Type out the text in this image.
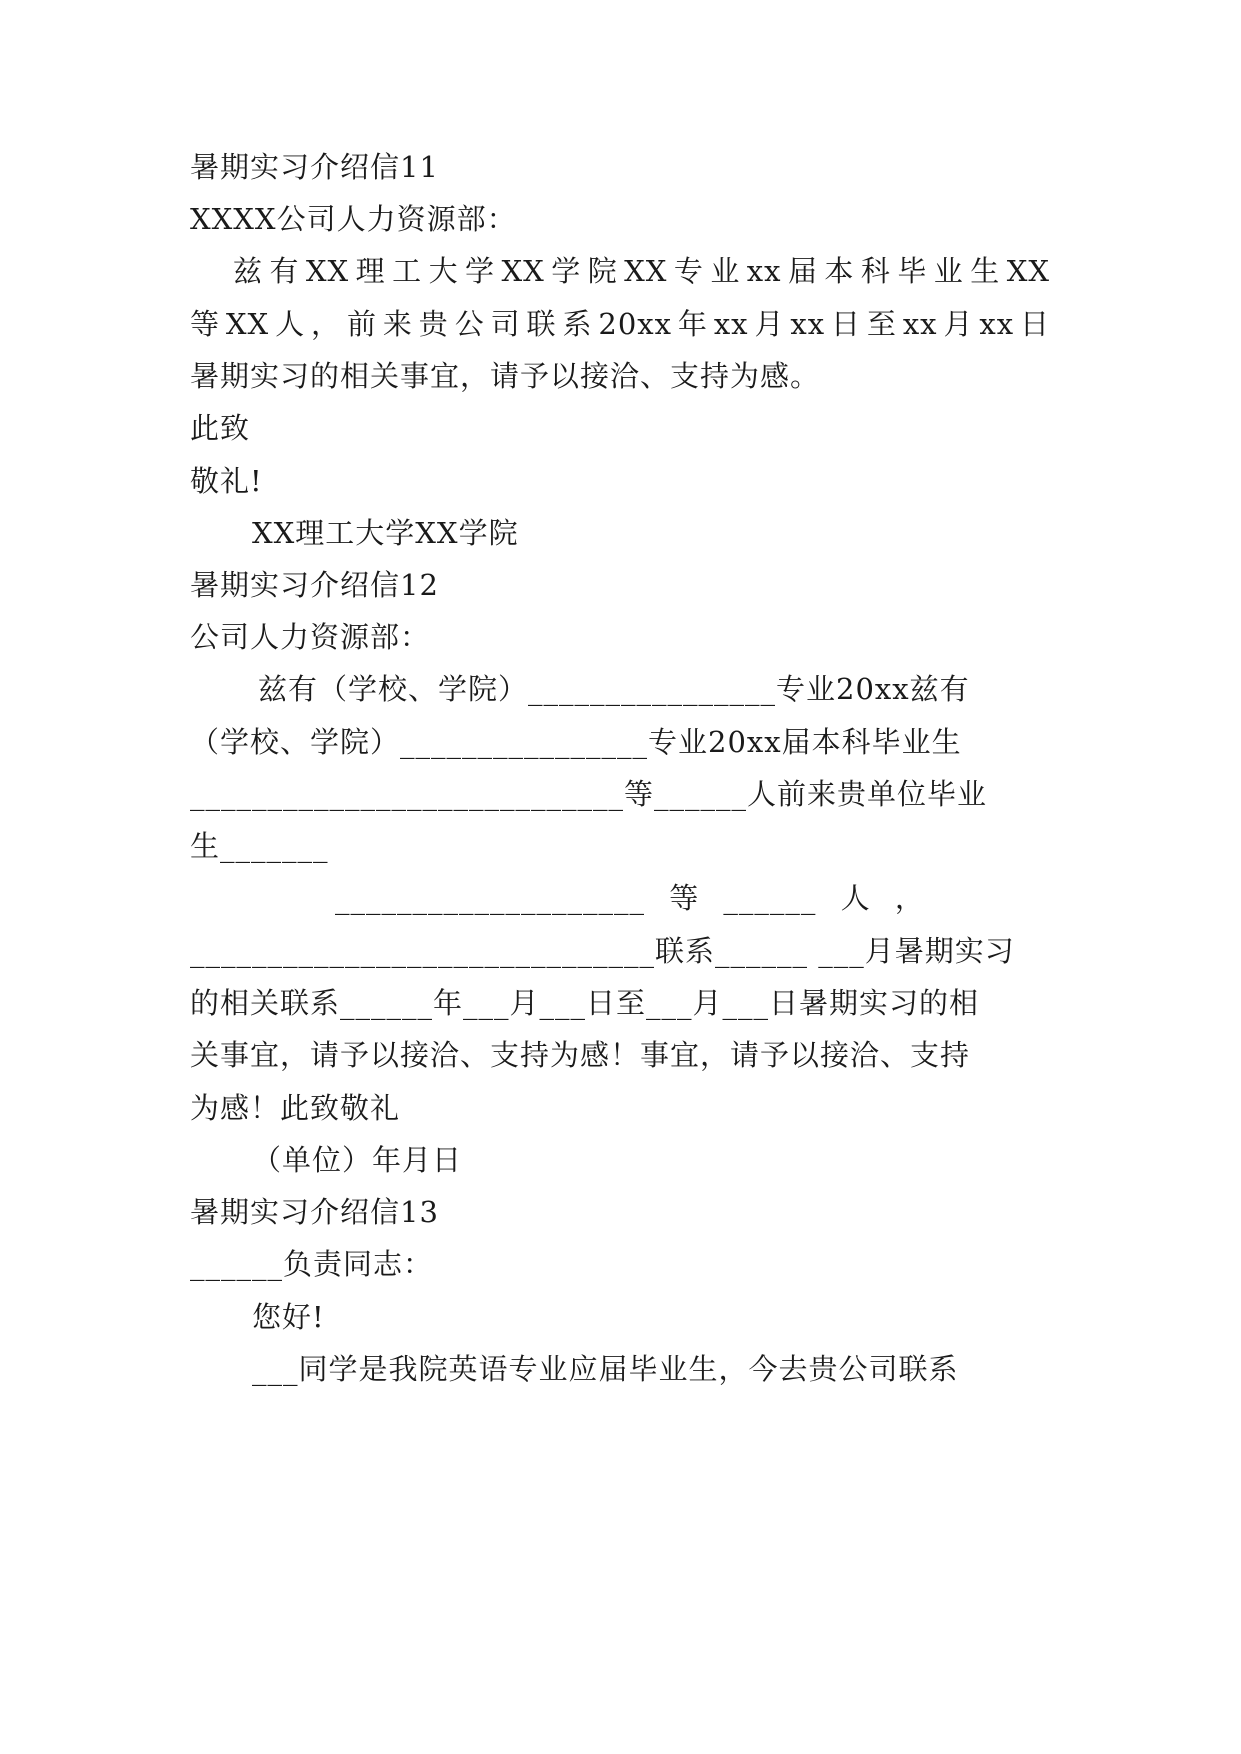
暑期实习介绍信11
XXXX公司人力资源部：
兹有XX理工大学XX学院XX专业xx届本科毕业生XX
等XX人，前来贵公司联系20xx年xx月xx日至xx月xx日
暑期实习的相关事宜，请予以接洽、支持为感。
此致
敬礼!
XX理工大学XX学院
暑期实习介绍信12
公司人力资源部：
兹有（学校、学院）________________专业20xx兹有
（学校、学院）________________专业20xx届本科毕业生
____________________________等______人前来贵单位毕业
生_______
____________________ 等 ______ 人 ，
______________________________联系______ ___月暑期实习
的相关联系______年___月___日至___月___日暑期实习的相
关事宜，请予以接洽、支持为感！事宜，请予以接洽、支持
为感！此致敬礼
（单位）年月日
暑期实习介绍信13
______负责同志：
您好!
___同学是我院英语专业应届毕业生，今去贵公司联系
